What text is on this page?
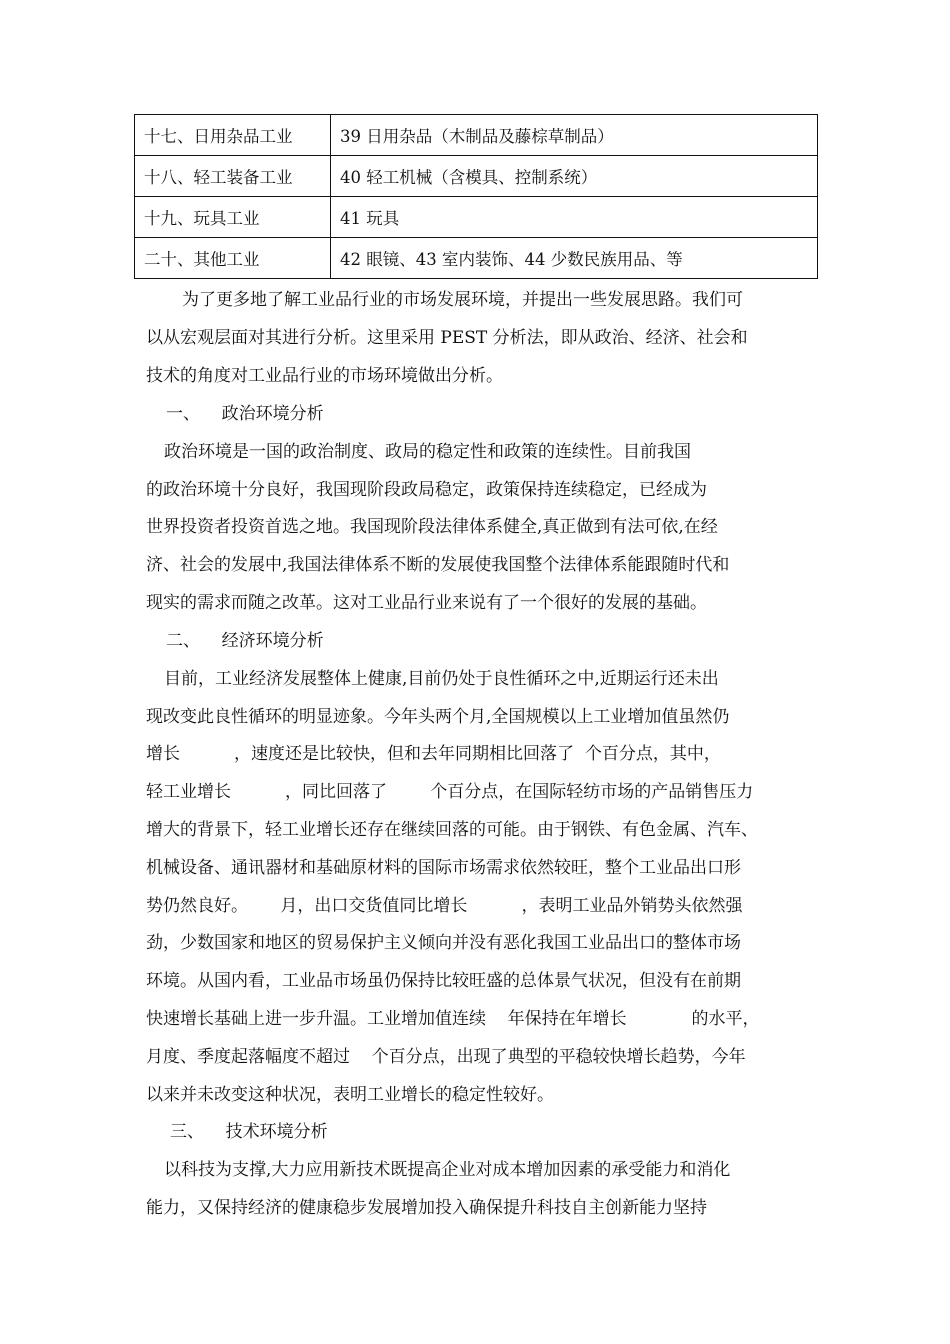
十七、日用杂品工业	39 日用杂品（木制品及藤棕草制品）
十八、轻工装备工业	40 轻工机械（含模具、控制系统）
十九、玩具工业	41 玩具
二十、其他工业	42 眼镜、43 室内装饰、44 少数民族用品、等
为了更多地了解工业品行业的市场发展环境，并提出一些发展思路。我们可
以从宏观层面对其进行分析。这里采用 PEST 分析法，即从政治、经济、社会和
技术的角度对工业品行业的市场环境做出分析。
一、    政治环境分析
政治环境是一国的政治制度、政局的稳定性和政策的连续性。目前我国
的政治环境十分良好，我国现阶段政局稳定，政策保持连续稳定，已经成为
世界投资者投资首选之地。我国现阶段法律体系健全,真正做到有法可依,在经
济、社会的发展中,我国法律体系不断的发展使我国整个法律体系能跟随时代和
现实的需求而随之改革。这对工业品行业来说有了一个很好的发展的基础。
二、    经济环境分析
目前，工业经济发展整体上健康,目前仍处于良性循环之中,近期运行还未出
现改变此良性循环的明显迹象。今年头两个月,全国规模以上工业增加值虽然仍
增长          ，速度还是比较快，但和去年同期相比回落了  个百分点，其中，
轻工业增长          ，同比回落了        个百分点，在国际轻纺市场的产品销售压力
增大的背景下，轻工业增长还存在继续回落的可能。由于钢铁、有色金属、汽车、
机械设备、通讯器材和基础原材料的国际市场需求依然较旺，整个工业品出口形
势仍然良好。      月，出口交货值同比增长          ，表明工业品外销势头依然强
劲，少数国家和地区的贸易保护主义倾向并没有恶化我国工业品出口的整体市场
环境。从国内看，工业品市场虽仍保持比较旺盛的总体景气状况，但没有在前期
快速增长基础上进一步升温。工业增加值连续    年保持在年增长            的水平，
月度、季度起落幅度不超过    个百分点，出现了典型的平稳较快增长趋势，今年
以来并未改变这种状况，表明工业增长的稳定性较好。
三、    技术环境分析
以科技为支撑,大力应用新技术既提高企业对成本增加因素的承受能力和消化
能力，又保持经济的健康稳步发展增加投入确保提升科技自主创新能力坚持
